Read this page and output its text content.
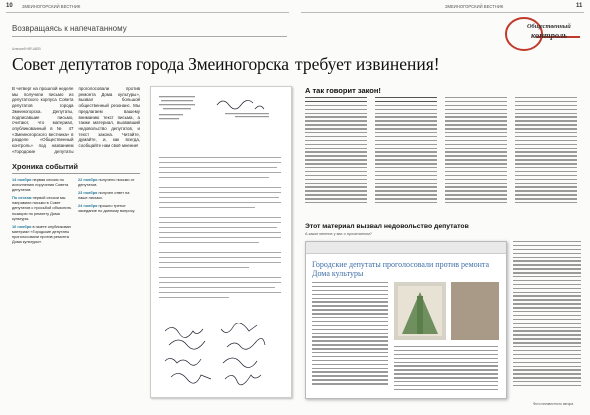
10 ЗМЕИНОГОРСКИЙ ВЕСТНИК
Возвращаясь к напечатанному
Алексей НЕЧАЕВ
Совет депутатов города Змеиногорска

В четверг на прошлой неделе мы получили письмо из депутатского корпуса Совета депутатов города Змеиногорска. Депутаты, подписавшие письмо, считают, что материал, опубликованный в № 47 «Змеиногорского вестника» в разделе «Общественный контроль» под названием «Городские депутаты проголосовали против ремонта Дома культуры», вызвал большой общественный резонанс. Мы предлагаем вашему вниманию текст письма, а также материал, вызвавший недовольство депутатов, и текст закона. Читайте, думайте, и, как всегда, сообщайте нам своё мнение!

Хроника событий

14 ноября первая сессия по исполнению поручения Совета депутатов.

По итогам первой сессии мы направили письмо в Совет депутатов с просьбой объяснить позицию по ремонту Дома культуры.

16 ноября в газете опубликован материал «Городские депутаты проголосовали против ремонта Дома культуры».

22 ноября получено письмо от депутатов.

23 ноября получен ответ на наше письмо.

24 ноября прошло третье заседание по данному вопросу.

ЗМЕИНОГОРСКИЙ ВЕСТНИК	11
Общественный
контроль
требует извинения!
А так говорит закон!
Этот материал вызвал недовольство депутатов
А какое мнение у вас о прочитанном?
Городские депутаты проголосовали против ремонта Дома культуры
Фото неизвестного автора
